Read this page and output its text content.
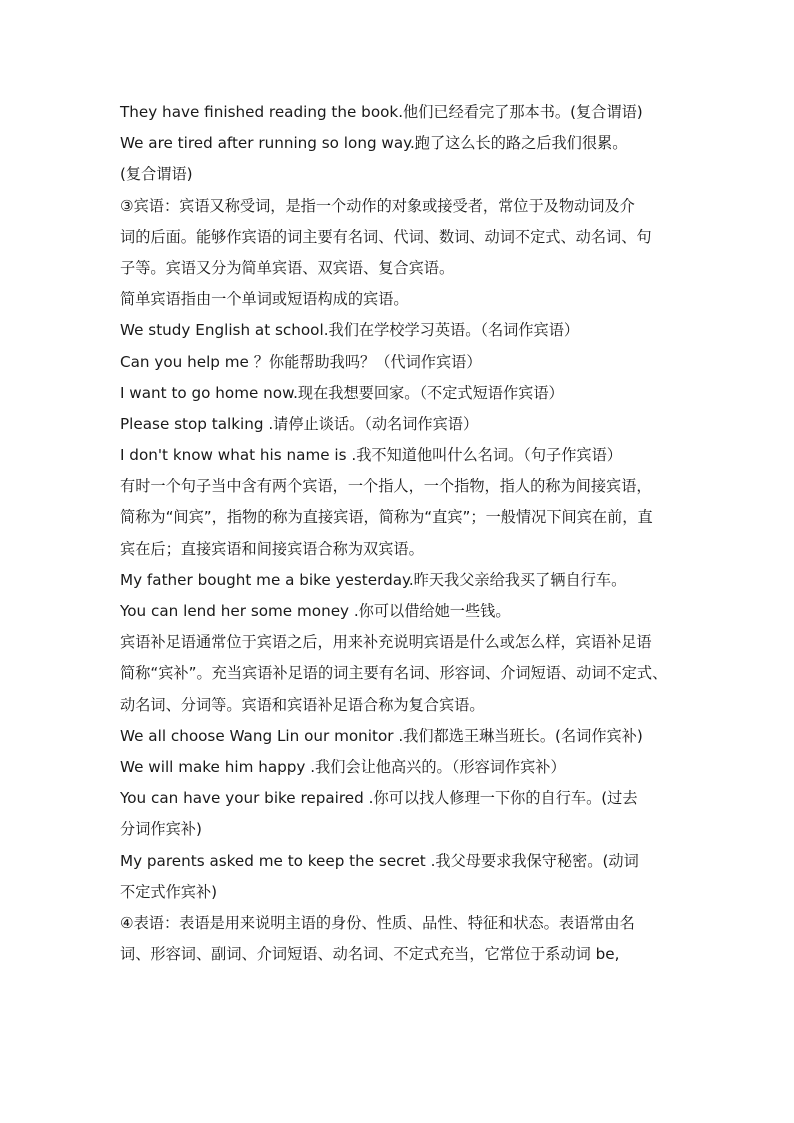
They have finished reading the book.他们已经看完了那本书。(复合谓语)
We are tired after running so long way.跑了这么长的路之后我们很累。
(复合谓语)
③宾语：宾语又称受词，是指一个动作的对象或接受者，常位于及物动词及介
词的后面。能够作宾语的词主要有名词、代词、数词、动词不定式、动名词、句
子等。宾语又分为简单宾语、双宾语、复合宾语。
简单宾语指由一个单词或短语构成的宾语。
We study English at school.我们在学校学习英语。（名词作宾语）
Can you help me ？你能帮助我吗？（代词作宾语）
I want to go home now.现在我想要回家。（不定式短语作宾语）
Please stop talking .请停止谈话。（动名词作宾语）
I don't know what his name is .我不知道他叫什么名词。（句子作宾语）
有时一个句子当中含有两个宾语，一个指人，一个指物，指人的称为间接宾语，
简称为“间宾”，指物的称为直接宾语，简称为“直宾”；一般情况下间宾在前，直
宾在后；直接宾语和间接宾语合称为双宾语。
My father bought me a bike yesterday.昨天我父亲给我买了辆自行车。
You can lend her some money .你可以借给她一些钱。
宾语补足语通常位于宾语之后，用来补充说明宾语是什么或怎么样，宾语补足语
简称“宾补”。充当宾语补足语的词主要有名词、形容词、介词短语、动词不定式、
动名词、分词等。宾语和宾语补足语合称为复合宾语。
We all choose Wang Lin our monitor .我们都选王琳当班长。(名词作宾补)
We will make him happy .我们会让他高兴的。（形容词作宾补）
You can have your bike repaired .你可以找人修理一下你的自行车。(过去
分词作宾补)
My parents asked me to keep the secret .我父母要求我保守秘密。(动词
不定式作宾补)
④表语：表语是用来说明主语的身份、性质、品性、特征和状态。表语常由名
词、形容词、副词、介词短语、动名词、不定式充当，它常位于系动词 be,
